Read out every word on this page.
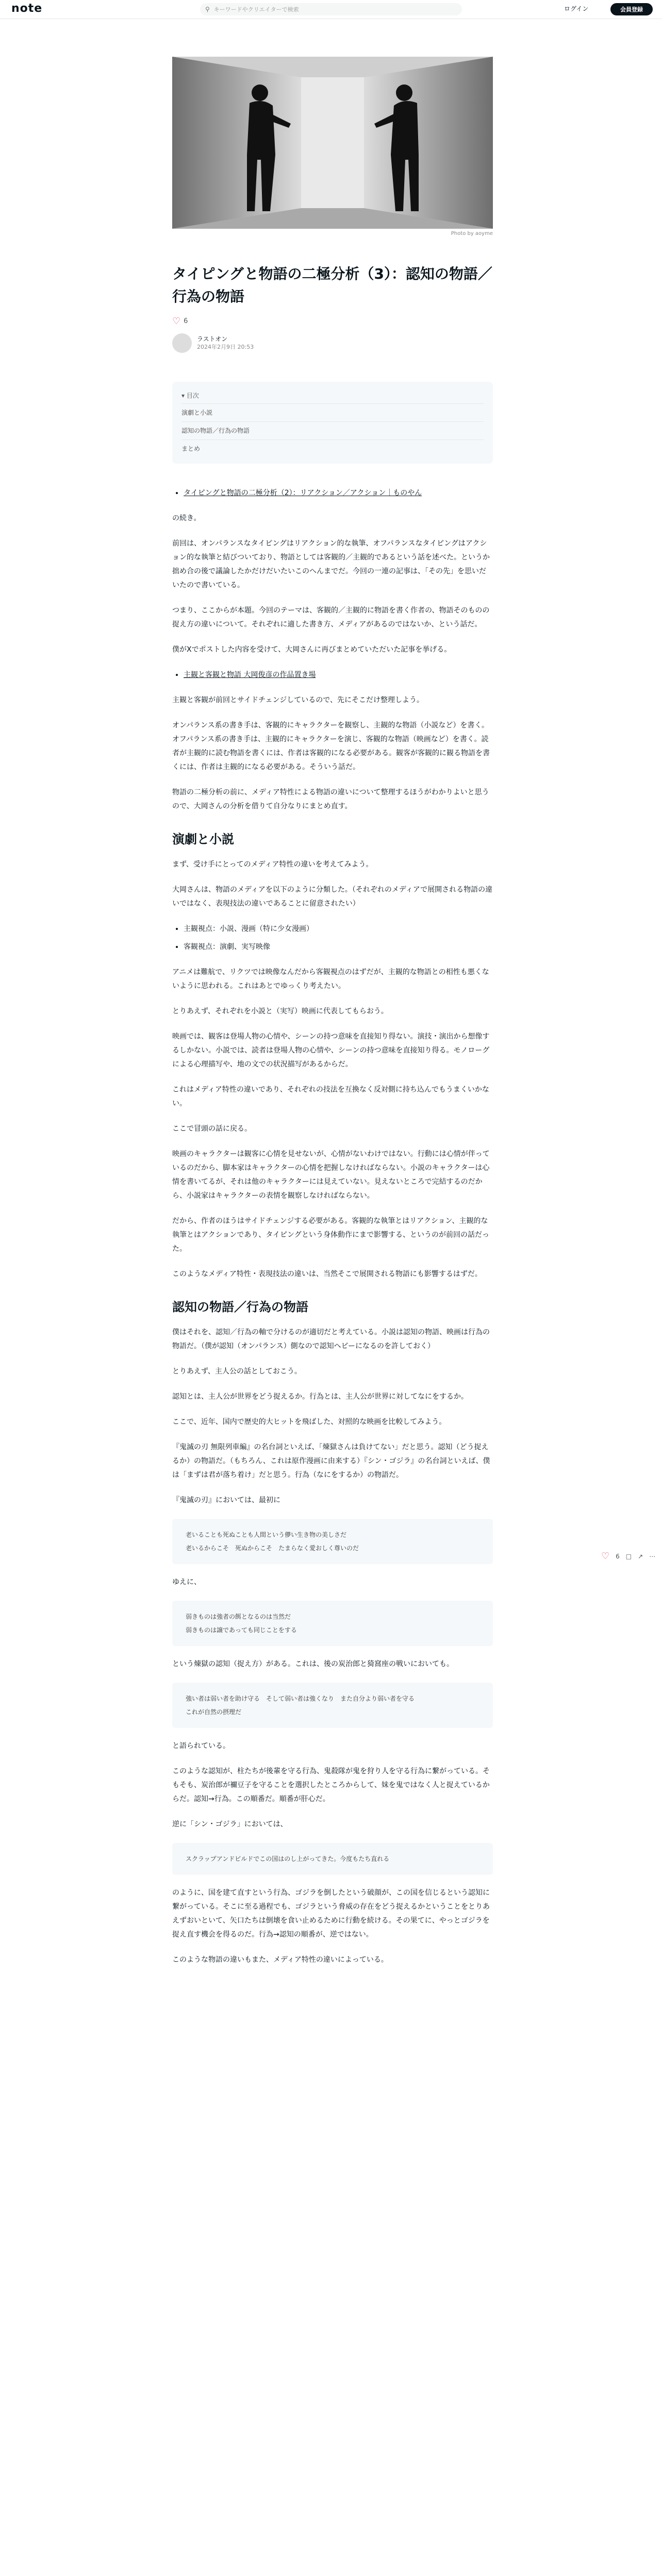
note	⚲ キーワードやクリエイターで検索	ログイン	会員登録
Photo by aoyme
タイピングと物語の二極分析（3）：認知の物語／行為の物語
♡ 6
ラストオン
2024年2月9日 20:53
▾ 目次
演劇と小説
認知の物語／行為の物語
まとめ
• タイピングと物語の二極分析（2）：リアクション／アクション｜ものやん

の続き。

前回は、オンパランスなタイピングはリアクション的な執筆、オフパランスなタイピングはアクション的な執筆と結びついており、物語としては客観的／主観的であるという話を述べた。というか拙め合の後で議論したかだけだいたいこのへんまでだ。今回の一連の記事は、「その先」を思いだいたので書いている。

つまり、ここからが本題。今回のテーマは、客観的／主観的に物語を書く作者の、物語そのものの捉え方の違いについて。それぞれに適した書き方、メディアがあるのではないか、という話だ。

僕がXでポストした内容を受けて、大岡さんに再びまとめていただいた記事を挙げる。

• 主観と客観と物語 大岡俊彦の作品置き場

主観と客観が前回とサイドチェンジしているので、先にそこだけ整理しよう。

オンパランス系の書き手は、客観的にキャラクターを観察し、主観的な物語（小説など）を書く。オフパランス系の書き手は、主観的にキャラクターを演じ、客観的な物語（映画など）を書く。読者が主観的に読む物語を書くには、作者は客観的になる必要がある。観客が客観的に観る物語を書くには、作者は主観的になる必要がある。そういう話だ。

物語の二極分析の前に、メディア特性による物語の違いについて整理するほうがわかりよいと思うので、大岡さんの分析を借りて自分なりにまとめ直す。

演劇と小説

まず、受け手にとってのメディア特性の違いを考えてみよう。

大岡さんは、物語のメディアを以下のように分類した。（それぞれのメディアで展開される物語の違いではなく、表現技法の違いであることに留意されたい）

• 主観視点：小説、漫画（特に少女漫画）
• 客観視点：演劇、実写映像

アニメは難航で、リクツでは映像なんだから客観視点のはずだが、主観的な物語との相性も悪くないように思われる。これはあとでゆっくり考えたい。

とりあえず、それぞれを小説と（実写）映画に代表してもらおう。

映画では、観客は登場人物の心情や、シーンの持つ意味を直接知り得ない。演技・演出から想像するしかない。小説では、読者は登場人物の心情や、シーンの持つ意味を直接知り得る。モノローグによる心理描写や、地の文での状況描写があるからだ。

これはメディア特性の違いであり、それぞれの技法を互換なく反対側に持ち込んでもうまくいかない。

ここで冒頭の話に戻る。

映画のキャラクターは観客に心情を見せないが、心情がないわけではない。行動には心情が伴っているのだから、脚本家はキャラクターの心情を把握しなければならない。小説のキャラクターは心情を書いてるが、それは他のキャラクターには見えていない。見えないところで完結するのだから、小説家はキャラクターの表情を観察しなければならない。

だから、作者のほうはサイドチェンジする必要がある。客観的な執筆とはリアクション、主観的な執筆とはアクションであり、タイピングという身体動作にまで影響する、というのが前回の話だった。

このようなメディア特性・表現技法の違いは、当然そこで展開される物語にも影響するはずだ。

認知の物語／行為の物語

僕はそれを、認知／行為の軸で分けるのが適切だと考えている。小説は認知の物語、映画は行為の物語だ。（僕が認知（オンパランス）側なので認知ヘビーになるのを許しておく）

とりあえず、主人公の話としておこう。

認知とは、主人公が世界をどう捉えるか。行為とは、主人公が世界に対してなにをするか。

ここで、近年、国内で歴史的大ヒットを飛ばした、対照的な映画を比較してみよう。

『鬼滅の刃 無限列車編』の名台詞といえば、「煉獄さんは負けてない」だと思う。認知（どう捉えるか）の物語だ。（もちろん、これは原作漫画に由来する）『シン・ゴジラ』の名台詞といえば、僕は「まずは君が落ち着け」だと思う。行為（なにをするか）の物語だ。

『鬼滅の刃』においては、最初に

老いることも死ぬことも人間という儚い生き物の美しさだ
老いるからこそ　死ぬからこそ　たまらなく愛おしく尊いのだ

ゆえに、

弱きものは強者の餌となるのは当然だ
弱きものは譲であっても同じことをする

という煉獄の認知（捉え方）がある。これは、後の炭治郎と猗窩座の戦いにおいても。

強い者は弱い者を助け守る　そして弱い者は強くなり　また自分より弱い者を守る
これが自然の摂理だ

と語られている。

このような認知が、柱たちが後輩を守る行為、鬼殺隊が鬼を狩り人を守る行為に繋がっている。そもそも、炭治郎が禰豆子を守ることを選択したところからして、妹を鬼ではなく人と捉えているからだ。認知→行為。この順番だ。順番が肝心だ。

逆に「シン・ゴジラ」においては、

スクラップアンドビルドでこの国はのし上がってきた。今度もたち直れる

のように、国を建て直すという行為、ゴジラを倒したという破顔が、この国を信じるという認知に繋がっている。そこに至る過程でも、ゴジラという脅威の存在をどう捉えるかということをとりあえずおいといて、矢口たちは倒壊を食い止めるために行動を続ける。その果てに、やっとゴジラを捉え直す機会を得るのだ。行為→認知の順番が、逆ではない。

このような物語の違いもまた、メディア特性の違いによっている。

♡ 6 □ ↗ ⋯
